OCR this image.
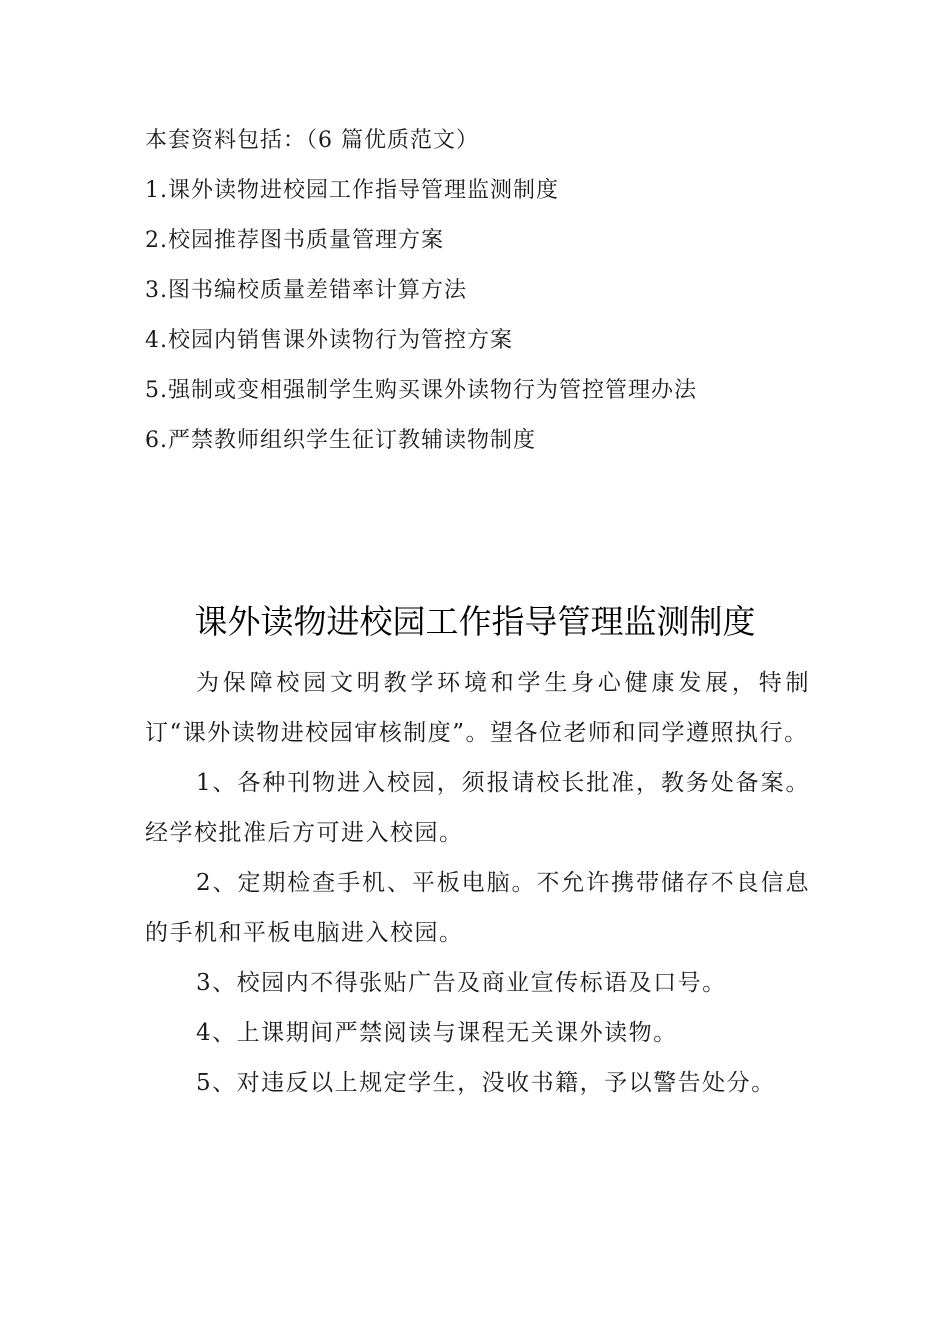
本套资料包括：（6 篇优质范文）
1.课外读物进校园工作指导管理监测制度
2.校园推荐图书质量管理方案
3.图书编校质量差错率计算方法
4.校园内销售课外读物行为管控方案
5.强制或变相强制学生购买课外读物行为管控管理办法
6.严禁教师组织学生征订教辅读物制度
课外读物进校园工作指导管理监测制度

为保障校园文明教学环境和学生身心健康发展，特制订“课外读物进校园审核制度”。望各位老师和同学遵照执行。

1、各种刊物进入校园，须报请校长批准，教务处备案。经学校批准后方可进入校园。

2、定期检查手机、平板电脑。不允许携带储存不良信息的手机和平板电脑进入校园。

3、校园内不得张贴广告及商业宣传标语及口号。

4、上课期间严禁阅读与课程无关课外读物。

5、对违反以上规定学生，没收书籍，予以警告处分。
